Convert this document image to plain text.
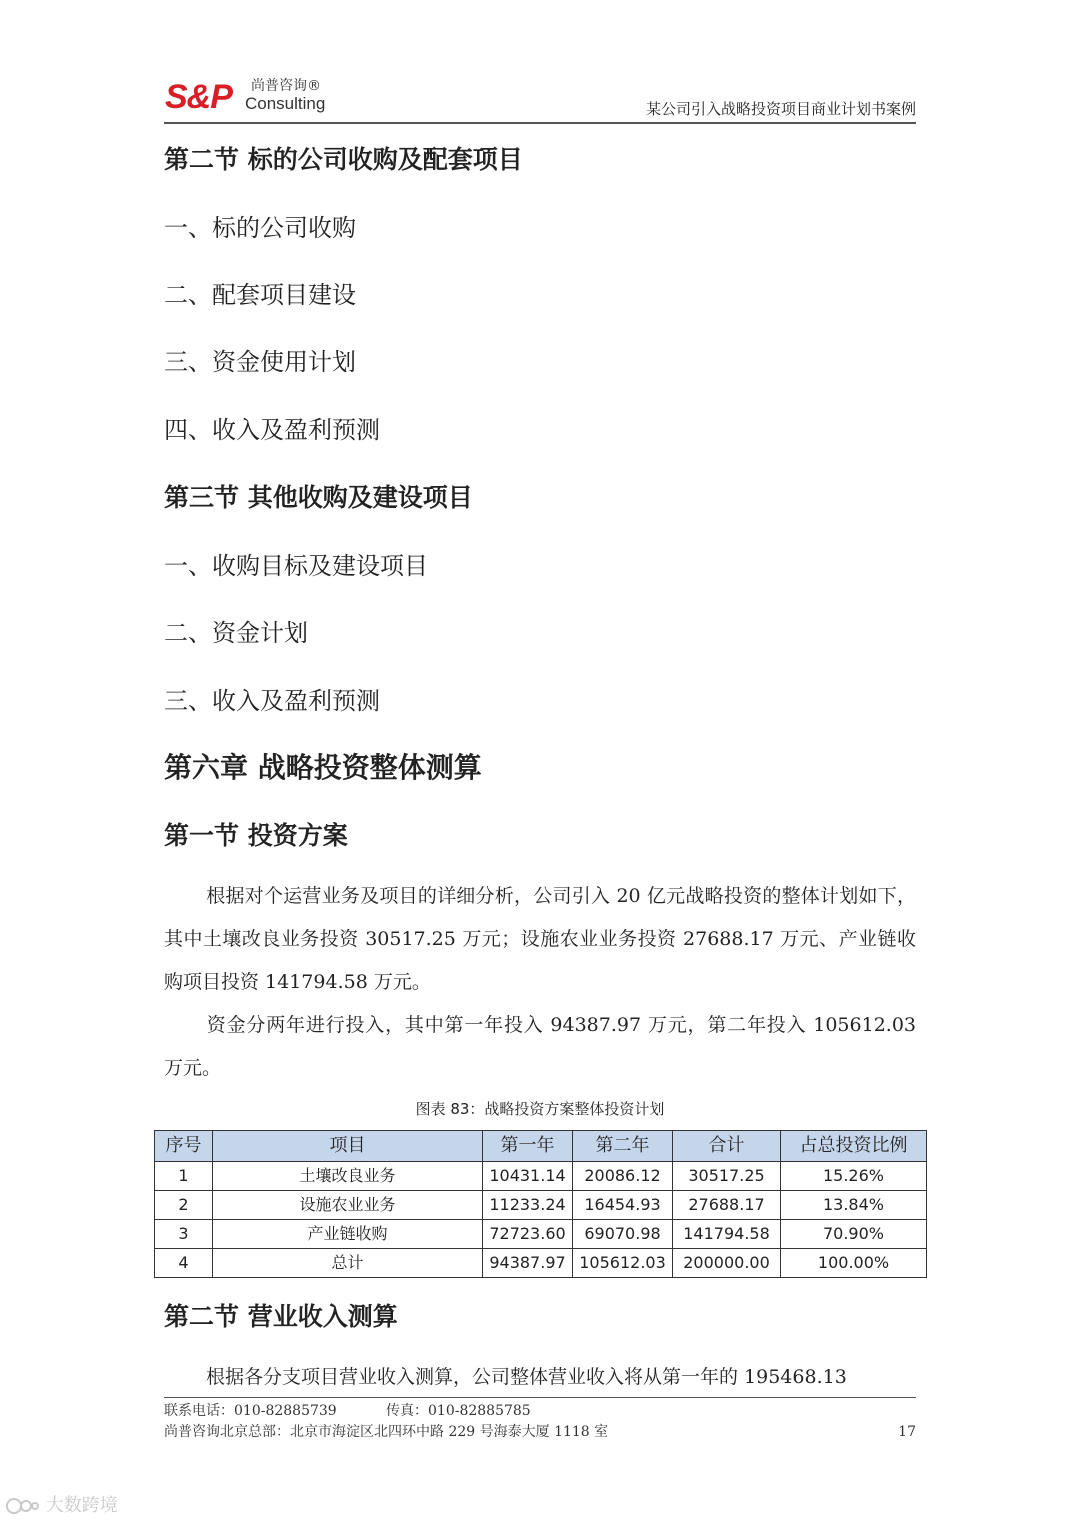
S&P 尚普咨询®
Consulting	某公司引入战略投资项目商业计划书案例
第二节 标的公司收购及配套项目
一、标的公司收购
二、配套项目建设
三、资金使用计划
四、收入及盈利预测
第三节 其他收购及建设项目
一、收购目标及建设项目
二、资金计划
三、收入及盈利预测
第六章 战略投资整体测算
第一节 投资方案

根据对个运营业务及项目的详细分析，公司引入 20 亿元战略投资的整体计划如下，其中土壤改良业务投资 30517.25 万元；设施农业业务投资 27688.17 万元、产业链收购项目投资 141794.58 万元。

资金分两年进行投入，其中第一年投入 94387.97 万元，第二年投入 105612.03 万元。

图表 83：战略投资方案整体投资计划
序号	项目	第一年	第二年	合计	占总投资比例
1	土壤改良业务	10431.14	20086.12	30517.25	15.26%
2	设施农业业务	11233.24	16454.93	27688.17	13.84%
3	产业链收购	72723.60	69070.98	141794.58	70.90%
4	总计	94387.97	105612.03	200000.00	100.00%
第二节 营业收入测算

根据各分支项目营业收入测算，公司整体营业收入将从第一年的 195468.13

联系电话：010-82885739	传真：010-82885785
尚普咨询北京总部：北京市海淀区北四环中路 229 号海泰大厦 1118 室	17
大数跨境
